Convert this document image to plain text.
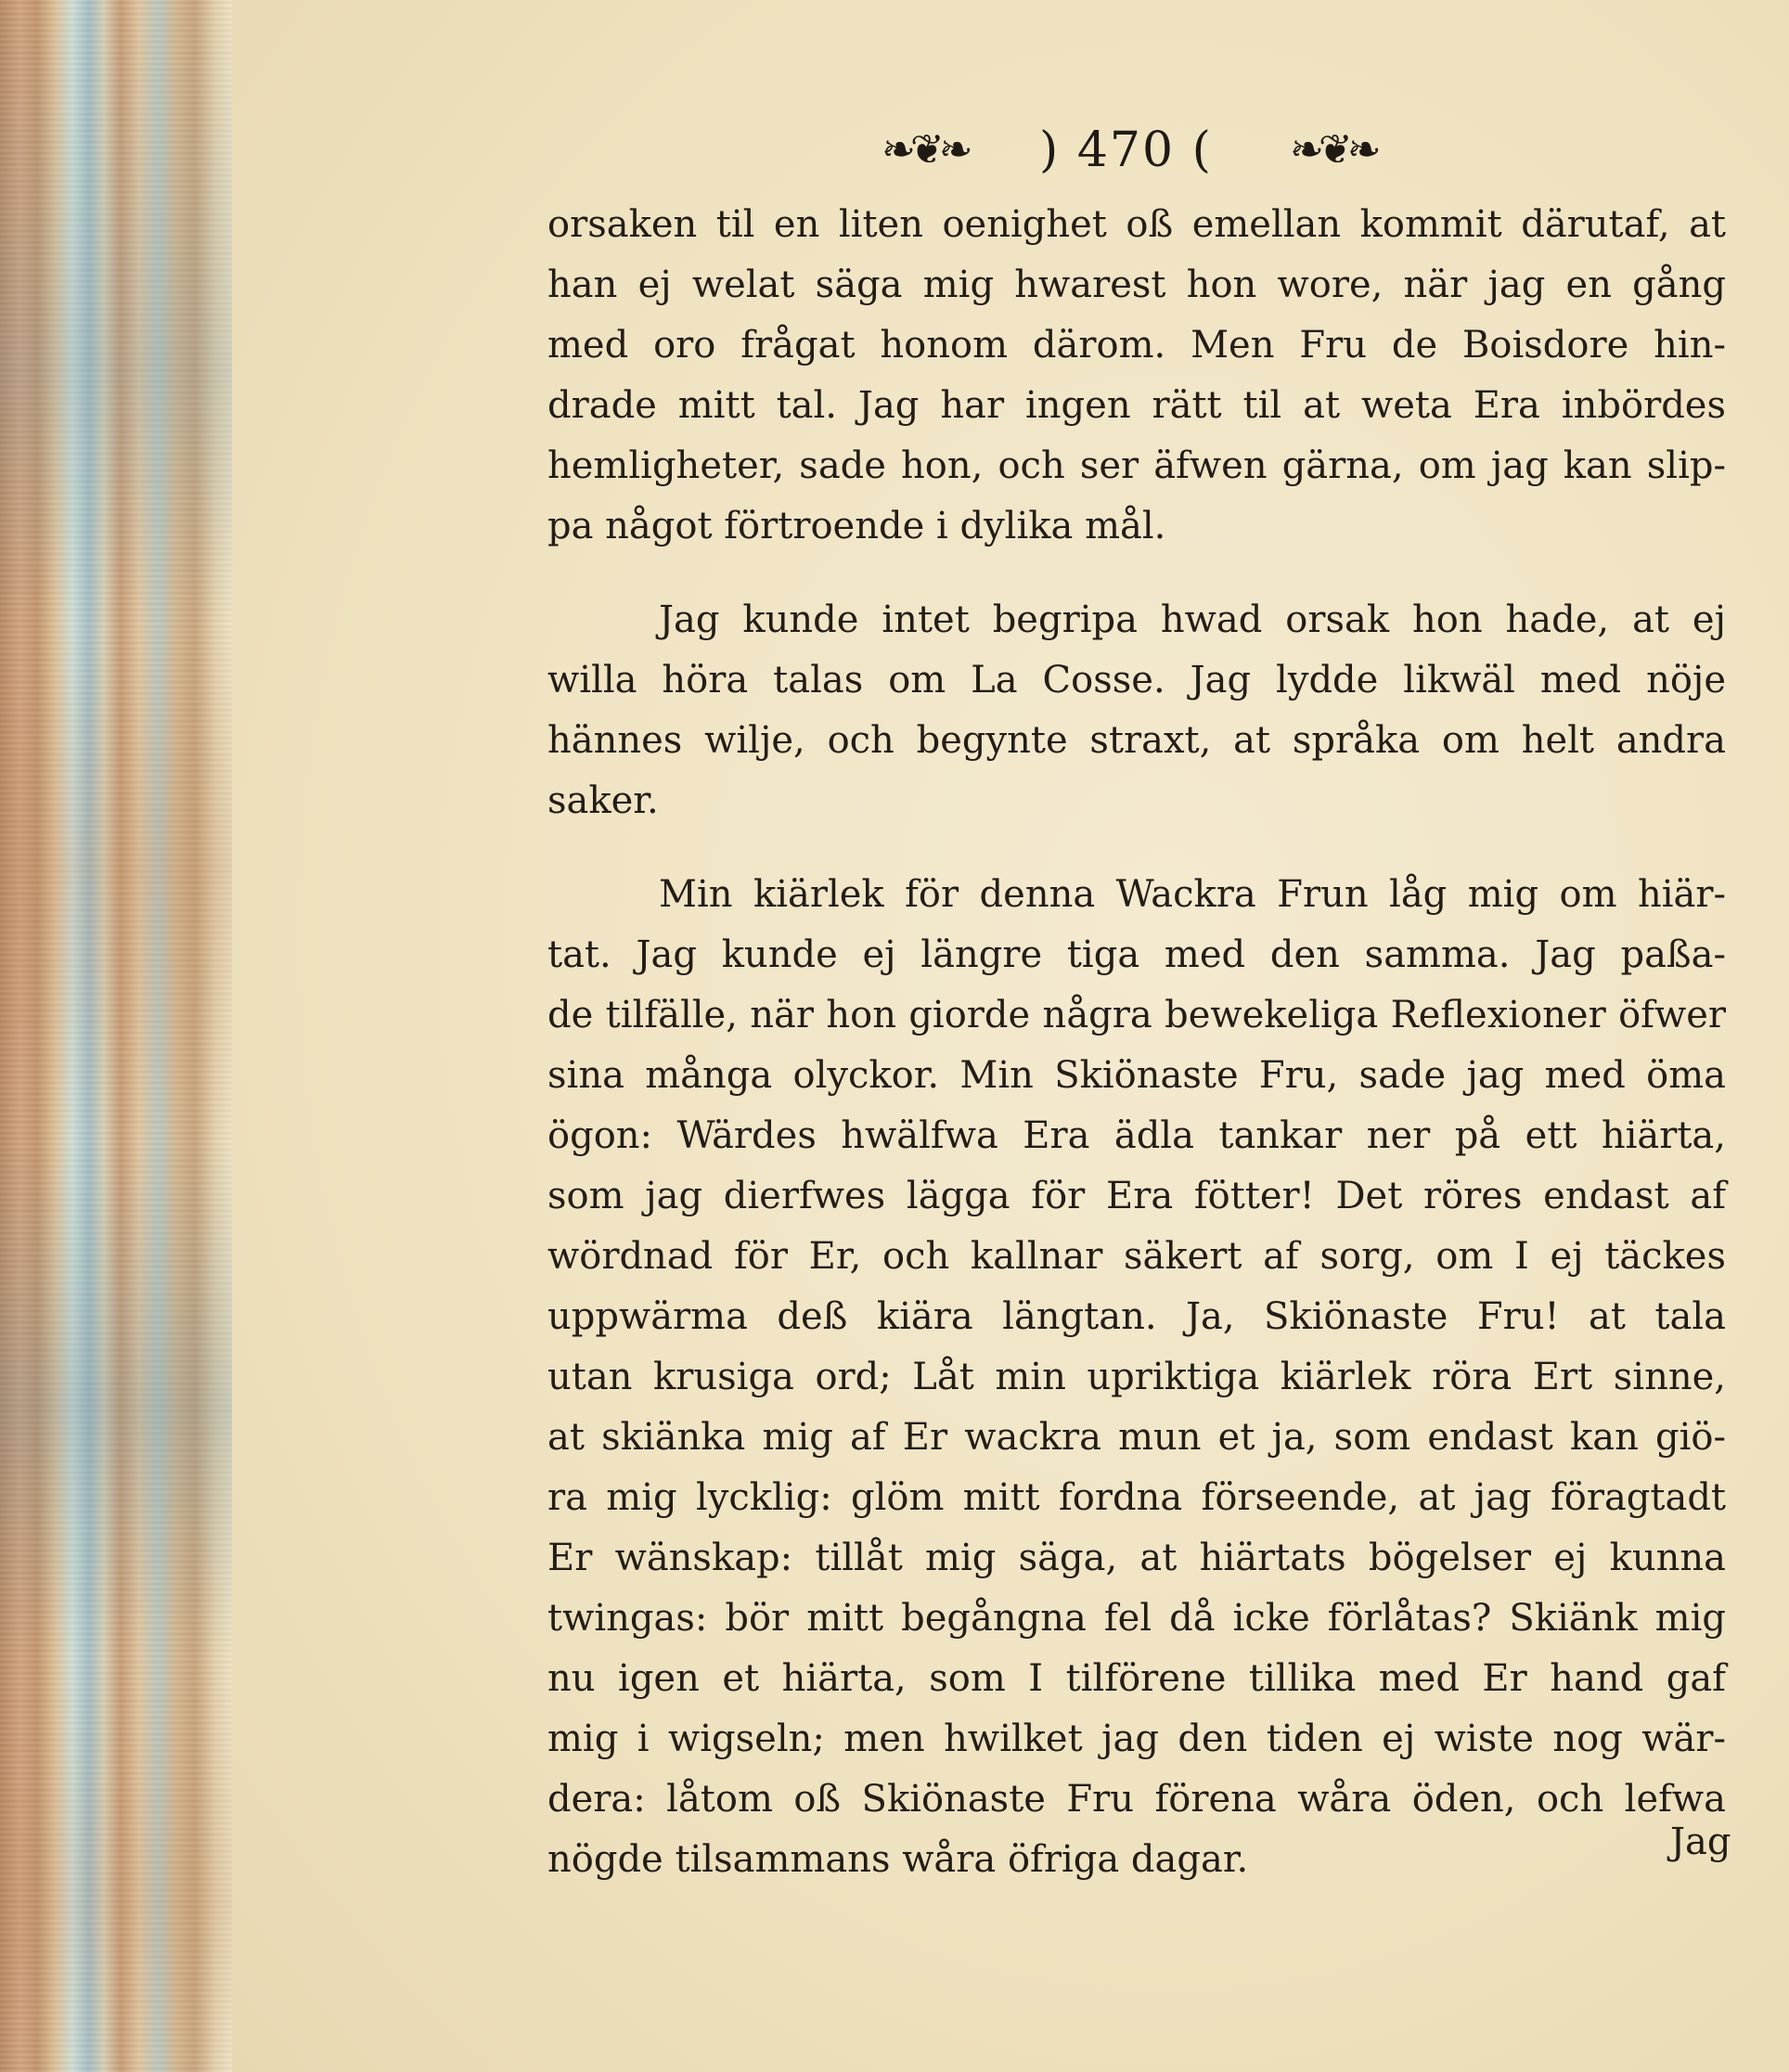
❧❦❧ ) 470 ( ❧❦❧
orsaken til en liten oenighet oß emellan kommit därutaf, at
han ej welat säga mig hwarest hon wore, när jag en gång
med oro frågat honom därom. Men Fru de Boisdore hin-
drade mitt tal. Jag har ingen rätt til at weta Era inbördes
hemligheter, sade hon, och ser äfwen gärna, om jag kan slip-
pa något förtroende i dylika mål.
Jag kunde intet begripa hwad orsak hon hade, at ej
willa höra talas om La Cosse. Jag lydde likwäl med nöje
hännes wilje, och begynte straxt, at språka om helt andra
saker.
Min kiärlek för denna Wackra Frun låg mig om hiär-
tat. Jag kunde ej längre tiga med den samma. Jag paßa-
de tilfälle, när hon giorde några bewekeliga Reflexioner öfwer
sina många olyckor. Min Skiönaste Fru, sade jag med öma
ögon: Wärdes hwälfwa Era ädla tankar ner på ett hiärta,
som jag dierfwes lägga för Era fötter! Det röres endast af
wördnad för Er, och kallnar säkert af sorg, om I ej täckes
uppwärma deß kiära längtan. Ja, Skiönaste Fru! at tala
utan krusiga ord; Låt min upriktiga kiärlek röra Ert sinne,
at skiänka mig af Er wackra mun et ja, som endast kan giö-
ra mig lycklig: glöm mitt fordna förseende, at jag föragtadt
Er wänskap: tillåt mig säga, at hiärtats bögelser ej kunna
twingas: bör mitt begångna fel då icke förlåtas? Skiänk mig
nu igen et hiärta, som I tilförene tillika med Er hand gaf
mig i wigseln; men hwilket jag den tiden ej wiste nog wär-
dera: låtom oß Skiönaste Fru förena wåra öden, och lefwa
nögde tilsammans wåra öfriga dagar.	Jag
